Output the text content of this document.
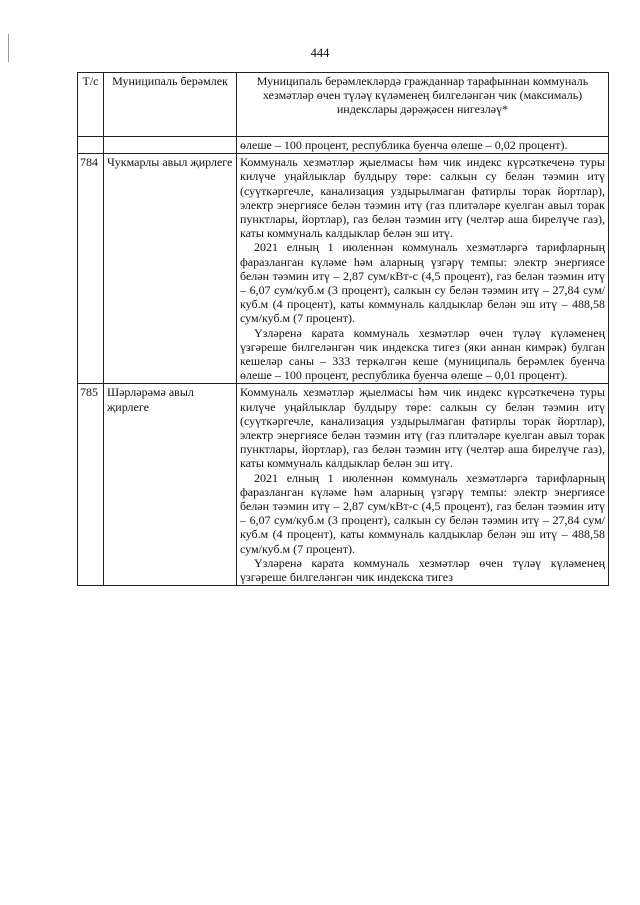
444
Т/с	Муниципаль берәмлек	Муниципаль берәмлекләрдә гражданнар тарафыннан коммуналь хезмәтләр өчен түләү күләменең билгеләнгән чик (максималь) индекслары дәрәҗәсен нигезләү*

		өлеше – 100 процент, республика буенча өлеше – 0,02 процент).

784	Чукмарлы авыл җирлеге	Коммуналь хезмәтләр җыелмасы һәм чик индекс күрсәткеченә туры килүче уңайлыклар булдыру төре: салкын су белән тәэмин итү (суүткәргечле, канализация уздырылмаган фатирлы торак йортлар), электр энергиясе белән тәэмин итү (газ плитәләре куелган авыл торак пунктлары, йортлар), газ белән тәэмин итү (челтәр аша бирелүче газ), каты коммуналь калдыклар белән эш итү.
2021 елның 1 июленнән коммуналь хезмәтләргә тарифларның фаразланган күләме һәм аларның үзгәрү темпы: электр энергиясе белән тәэмин итү – 2,87 сум/кВт-с (4,5 процент), газ белән тәэмин итү – 6,07 сум/куб.м (3 процент), салкын су белән тәэмин итү – 27,84 сум/куб.м (4 процент), каты коммуналь калдыклар белән эш итү – 488,58 сум/куб.м (7 процент).
Үзләренә карата коммуналь хезмәтләр өчен түләү күләменең үзгәреше билгеләнгән чик индекска тигез (яки аннан кимрәк) булган кешеләр саны – 333 теркәлгән кеше (муниципаль берәмлек буенча өлеше – 100 процент, республика буенча өлеше – 0,01 процент).

785	Шәрләрәмә авыл җирлеге	Коммуналь хезмәтләр җыелмасы һәм чик индекс күрсәткеченә туры килүче уңайлыклар булдыру төре: салкын су белән тәэмин итү (суүткәргечле, канализация уздырылмаган фатирлы торак йортлар), электр энергиясе белән тәэмин итү (газ плитәләре куелган авыл торак пунктлары, йортлар), газ белән тәэмин итү (челтәр аша бирелүче газ), каты коммуналь калдыклар белән эш итү.
2021 елның 1 июленнән коммуналь хезмәтләргә тарифларның фаразланган күләме һәм аларның үзгәрү темпы: электр энергиясе белән тәэмин итү – 2,87 сум/кВт-с (4,5 процент), газ белән тәэмин итү – 6,07 сум/куб.м (3 процент), салкын су белән тәэмин итү – 27,84 сум/куб.м (4 процент), каты коммуналь калдыклар белән эш итү – 488,58 сум/куб.м (7 процент).
Үзләренә карата коммуналь хезмәтләр өчен түләү күләменең үзгәреше билгеләнгән чик индекска тигез
